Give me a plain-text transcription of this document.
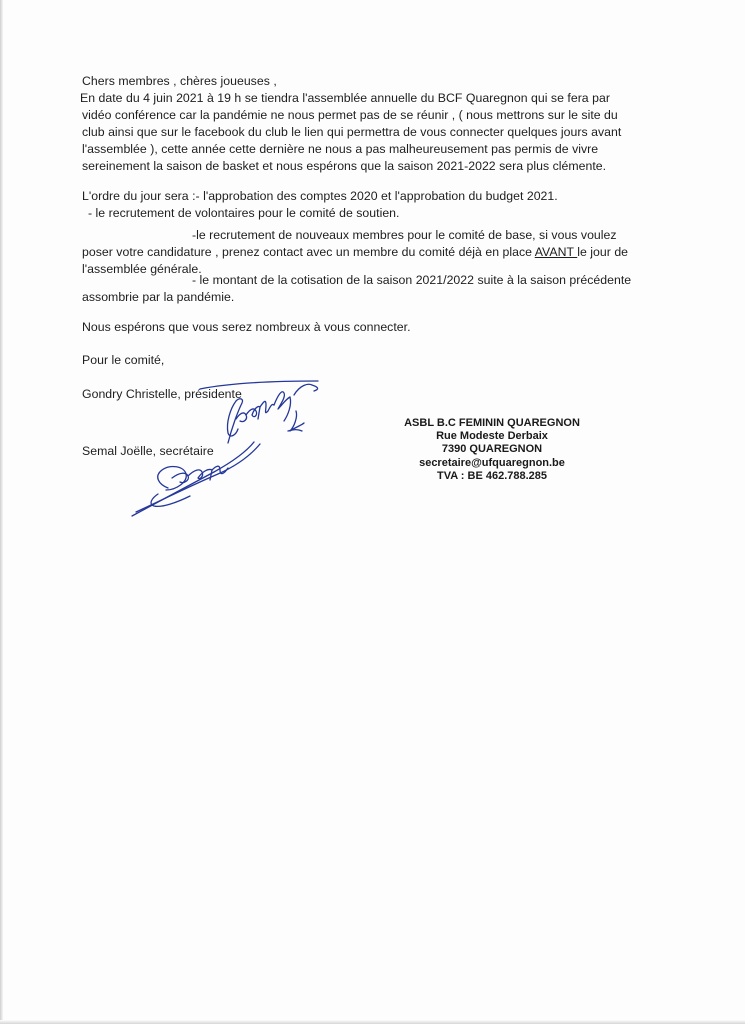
Chers membres , chères joueuses ,
En date du 4 juin 2021 à 19 h se tiendra l'assemblée annuelle du BCF Quaregnon qui se fera par
vidéo conférence car la pandémie ne nous permet pas de se réunir , ( nous mettrons sur le site du
club ainsi que sur le facebook du club le lien qui permettra de vous connecter quelques jours avant
l'assemblée ), cette année cette dernière ne nous a pas malheureusement pas permis de vivre
sereinement la saison de basket et nous espérons que la saison 2021-2022 sera plus clémente.
L'ordre du jour sera :- l'approbation des comptes 2020 et l'approbation du budget 2021.
- le recrutement de volontaires pour le comité de soutien.
-le recrutement de nouveaux membres pour le comité de base, si vous voulez
poser votre candidature , prenez contact avec un membre du comité déjà en place AVANT le jour de
l'assemblée générale.
- le montant de la cotisation de la saison 2021/2022 suite à la saison précédente
assombrie par la pandémie.
Nous espérons que vous serez nombreux à vous connecter.
Pour le comité,
Gondry Christelle, présidente
Semal Joëlle, secrétaire
ASBL B.C FEMININ QUAREGNON
Rue Modeste Derbaix
7390 QUAREGNON
secretaire@ufquaregnon.be
TVA : BE 462.788.285
